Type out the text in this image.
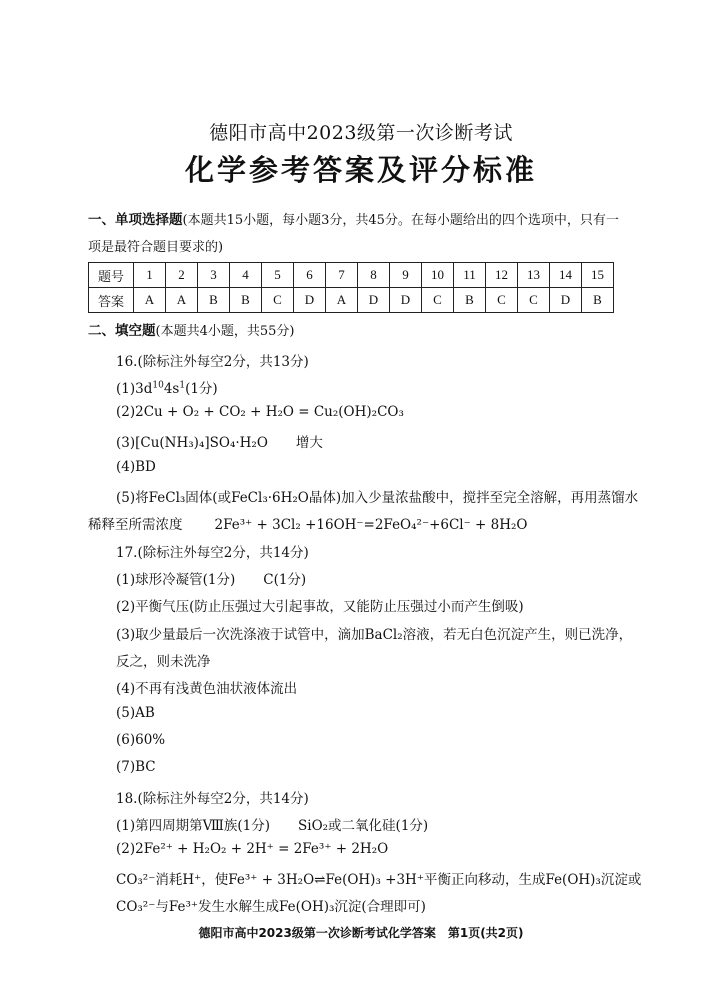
德阳市高中2023级第一次诊断考试
化学参考答案及评分标准
一、单项选择题(本题共15小题，每小题3分，共45分。在每小题给出的四个选项中，只有一
项是最符合题目要求的)
题号	1	2	3	4	5	6	7	8	9	10	11	12	13	14	15
答案	A	A	B	B	C	D	A	D	D	C	B	C	C	D	B
二、填空题(本题共4小题，共55分)
16.(除标注外每空2分，共13分)
$(1)3d^{10}4s^1(1$分)
(2)2Cu + O₂ + CO₂ + H₂O = Cu₂(OH)₂CO₃
(3)[Cu(NH₃)₄]SO₄·H₂O 增大
(4)BD
(5)将FeCl₃固体(或FeCl₃·6H₂O晶体)加入少量浓盐酸中，搅拌至完全溶解，再用蒸馏水
稀释至所需浓度 2Fe³⁺ + 3Cl₂ +16OH⁻=2FeO₄²⁻+6Cl⁻ + 8H₂O
17.(除标注外每空2分，共14分)
(1)球形冷凝管(1分) C(1分)
(2)平衡气压(防止压强过大引起事故，又能防止压强过小而产生倒吸)
(3)取少量最后一次洗涤液于试管中，滴加BaCl₂溶液，若无白色沉淀产生，则已洗净，
反之，则未洗净
(4)不再有浅黄色油状液体流出
(5)AB
(6)60%
(7)BC
18.(除标注外每空2分，共14分)
(1)第四周期第Ⅷ族(1分) SiO₂或二氧化硅(1分)
(2)2Fe²⁺ + H₂O₂ + 2H⁺ = 2Fe³⁺ + 2H₂O
CO₃²⁻消耗H⁺，使Fe³⁺ + 3H₂O⇌Fe(OH)₃ +3H⁺平衡正向移动，生成Fe(OH)₃沉淀或
CO₃²⁻与Fe³⁺发生水解生成Fe(OH)₃沉淀(合理即可)
德阳市高中2023级第一次诊断考试化学答案　第1页(共2页)
